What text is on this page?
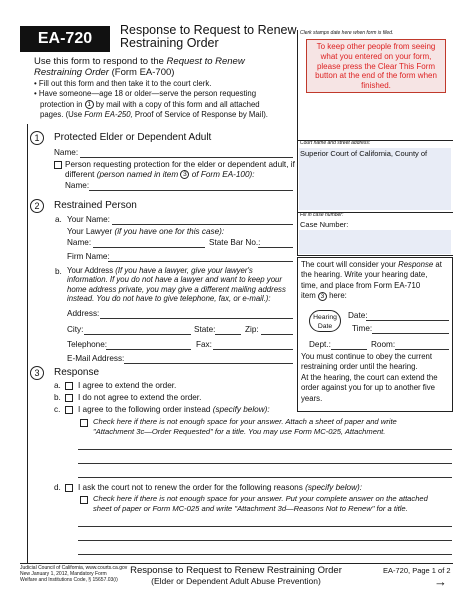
EA-720	Response to Request to Renew
Restraining Order
Clerk stamps date here when form is filed.
To keep other people from seeing what you entered on your form, please press the Clear This Form button at the end of the form when finished.
Court name and street address:
Superior Court of California, County of
Fill in case number:
Case Number:
Use this form to respond to the Request to Renew
Restraining Order (Form EA-700)
• Fill out this form and then take it to the court clerk.
• Have someone—age 18 or older—serve the person requesting
protection in 1 by mail with a copy of this form and all attached
pages. (Use Form EA-250, Proof of Service of Response by Mail).
1	Protected Elder or Dependent Adult
Name:
Person requesting protection for the elder or dependent adult, if
different (person named in item 3 of Form EA-100):
Name:
2	Restrained Person
a. Your Name:
Your Lawyer (if you have one for this case):
Name:	State Bar No.:
Firm Name:
b. Your Address (If you have a lawyer, give your lawyer's
information. If you do not have a lawyer and want to keep your
home address private, you may give a different mailing address
instead. You do not have to give telephone, fax, or e-mail.):
Address:
City:	State:	Zip:
Telephone:	Fax:
E-Mail Address:
The court will consider your Response at
the hearing. Write your hearing date,
time, and place from Form EA-710
item 3 here:
Hearing Date
Date:
Time:
Dept.:	Room:
You must continue to obey the current
restraining order until the hearing.
At the hearing, the court can extend the
order against you for up to another five
years.
3	Response
a. I agree to extend the order.
b. I do not agree to extend the order.
c. I agree to the following order instead (specify below):
Check here if there is not enough space for your answer. Attach a sheet of paper and write
"Attachment 3c—Order Requested" for a title. You may use Form MC-025, Attachment.
d. I ask the court not to renew the order for the following reasons (specify below):
Check here if there is not enough space for your answer. Put your complete answer on the attached
sheet of paper or Form MC-025 and write "Attachment 3d—Reasons Not to Renew" for a title.
Judicial Council of California, www.courts.ca.gov
New January 1, 2012, Mandatory Form
Welfare and Institutions Code, § 15657.03(i)
Response to Request to Renew Restraining Order
(Elder or Dependent Adult Abuse Prevention)
EA-720, Page 1 of 2
→
